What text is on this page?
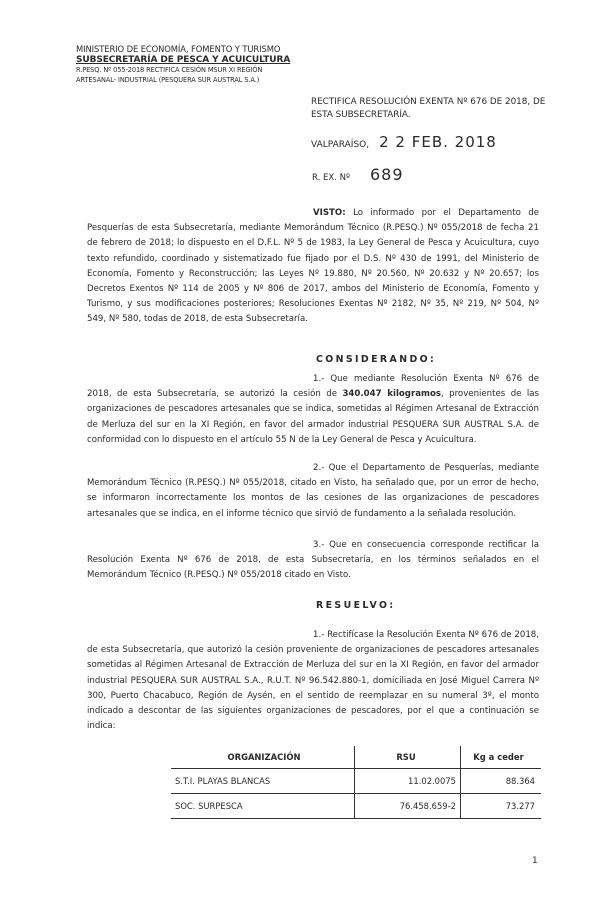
MINISTERIO DE ECONOMÍA, FOMENTO Y TURISMO
SUBSECRETARÍA DE PESCA Y ACUICULTURA
R.PESQ. Nº 055-2018 RECTIFICA CESIÓN MSUR XI REGIÓN
ARTESANAL- INDUSTRIAL (PESQUERA SUR AUSTRAL S.A.)
RECTIFICA RESOLUCIÓN EXENTA Nº 676 DE 2018, DE
ESTA SUBSECRETARÍA.
VALPARAÍSO, 2 2 FEB. 2018
R. EX. Nº 689
VISTO: Lo informado por el Departamento de Pesquerías de esta Subsecretaría, mediante Memorándum Técnico (R.PESQ.) Nº 055/2018 de fecha 21 de febrero de 2018; lo dispuesto en el D.F.L. Nº 5 de 1983, la Ley General de Pesca y Acuicultura, cuyo texto refundido, coordinado y sistematizado fue fijado por el D.S. Nº 430 de 1991, del Ministerio de Economía, Fomento y Reconstrucción; las Leyes Nº 19.880, Nº 20.560, Nº 20.632 y Nº 20.657; los Decretos Exentos Nº 114 de 2005 y Nº 806 de 2017, ambos del Ministerio de Economía, Fomento y Turismo, y sus modificaciones posteriores; Resoluciones Exentas Nº 2182, Nº 35, Nº 219, Nº 504, Nº 549, Nº 580, todas de 2018, de esta Subsecretaría.
CONSIDERANDO:
1.- Que mediante Resolución Exenta Nº 676 de 2018, de esta Subsecretaría, se autorizó la cesión de 340.047 kilogramos, provenientes de las organizaciones de pescadores artesanales que se indica, sometidas al Régimen Artesanal de Extracción de Merluza del sur en la XI Región, en favor del armador industrial PESQUERA SUR AUSTRAL S.A. de conformidad con lo dispuesto en el artículo 55 N de la Ley General de Pesca y Acuicultura.
2.- Que el Departamento de Pesquerías, mediante Memorándum Técnico (R.PESQ.) Nº 055/2018, citado en Visto, ha señalado que, por un error de hecho, se informaron incorrectamente los montos de las cesiones de las organizaciones de pescadores artesanales que se indica, en el informe técnico que sirvió de fundamento a la señalada resolución.
3.- Que en consecuencia corresponde rectificar la Resolución Exenta Nº 676 de 2018, de esta Subsecretaría, en los términos señalados en el Memorándum Técnico (R.PESQ.) Nº 055/2018 citado en Visto.
RESUELVO:
1.- Rectifícase la Resolución Exenta Nº 676 de 2018, de esta Subsecretaría, que autorizó la cesión proveniente de organizaciones de pescadores artesanales sometidas al Régimen Artesanal de Extracción de Merluza del sur en la XI Región, en favor del armador industrial PESQUERA SUR AUSTRAL S.A., R.U.T. Nº 96.542.880-1, domiciliada en José Miguel Carrera Nº 300, Puerto Chacabuco, Región de Aysén, en el sentido de reemplazar en su numeral 3º, el monto indicado a descontar de las siguientes organizaciones de pescadores, por el que a continuación se indica:
ORGANIZACIÓN	RSU	Kg a ceder
S.T.I. PLAYAS BLANCAS	11.02.0075	88.364
SOC. SURPESCA	76.458.659-2	73.277
1
